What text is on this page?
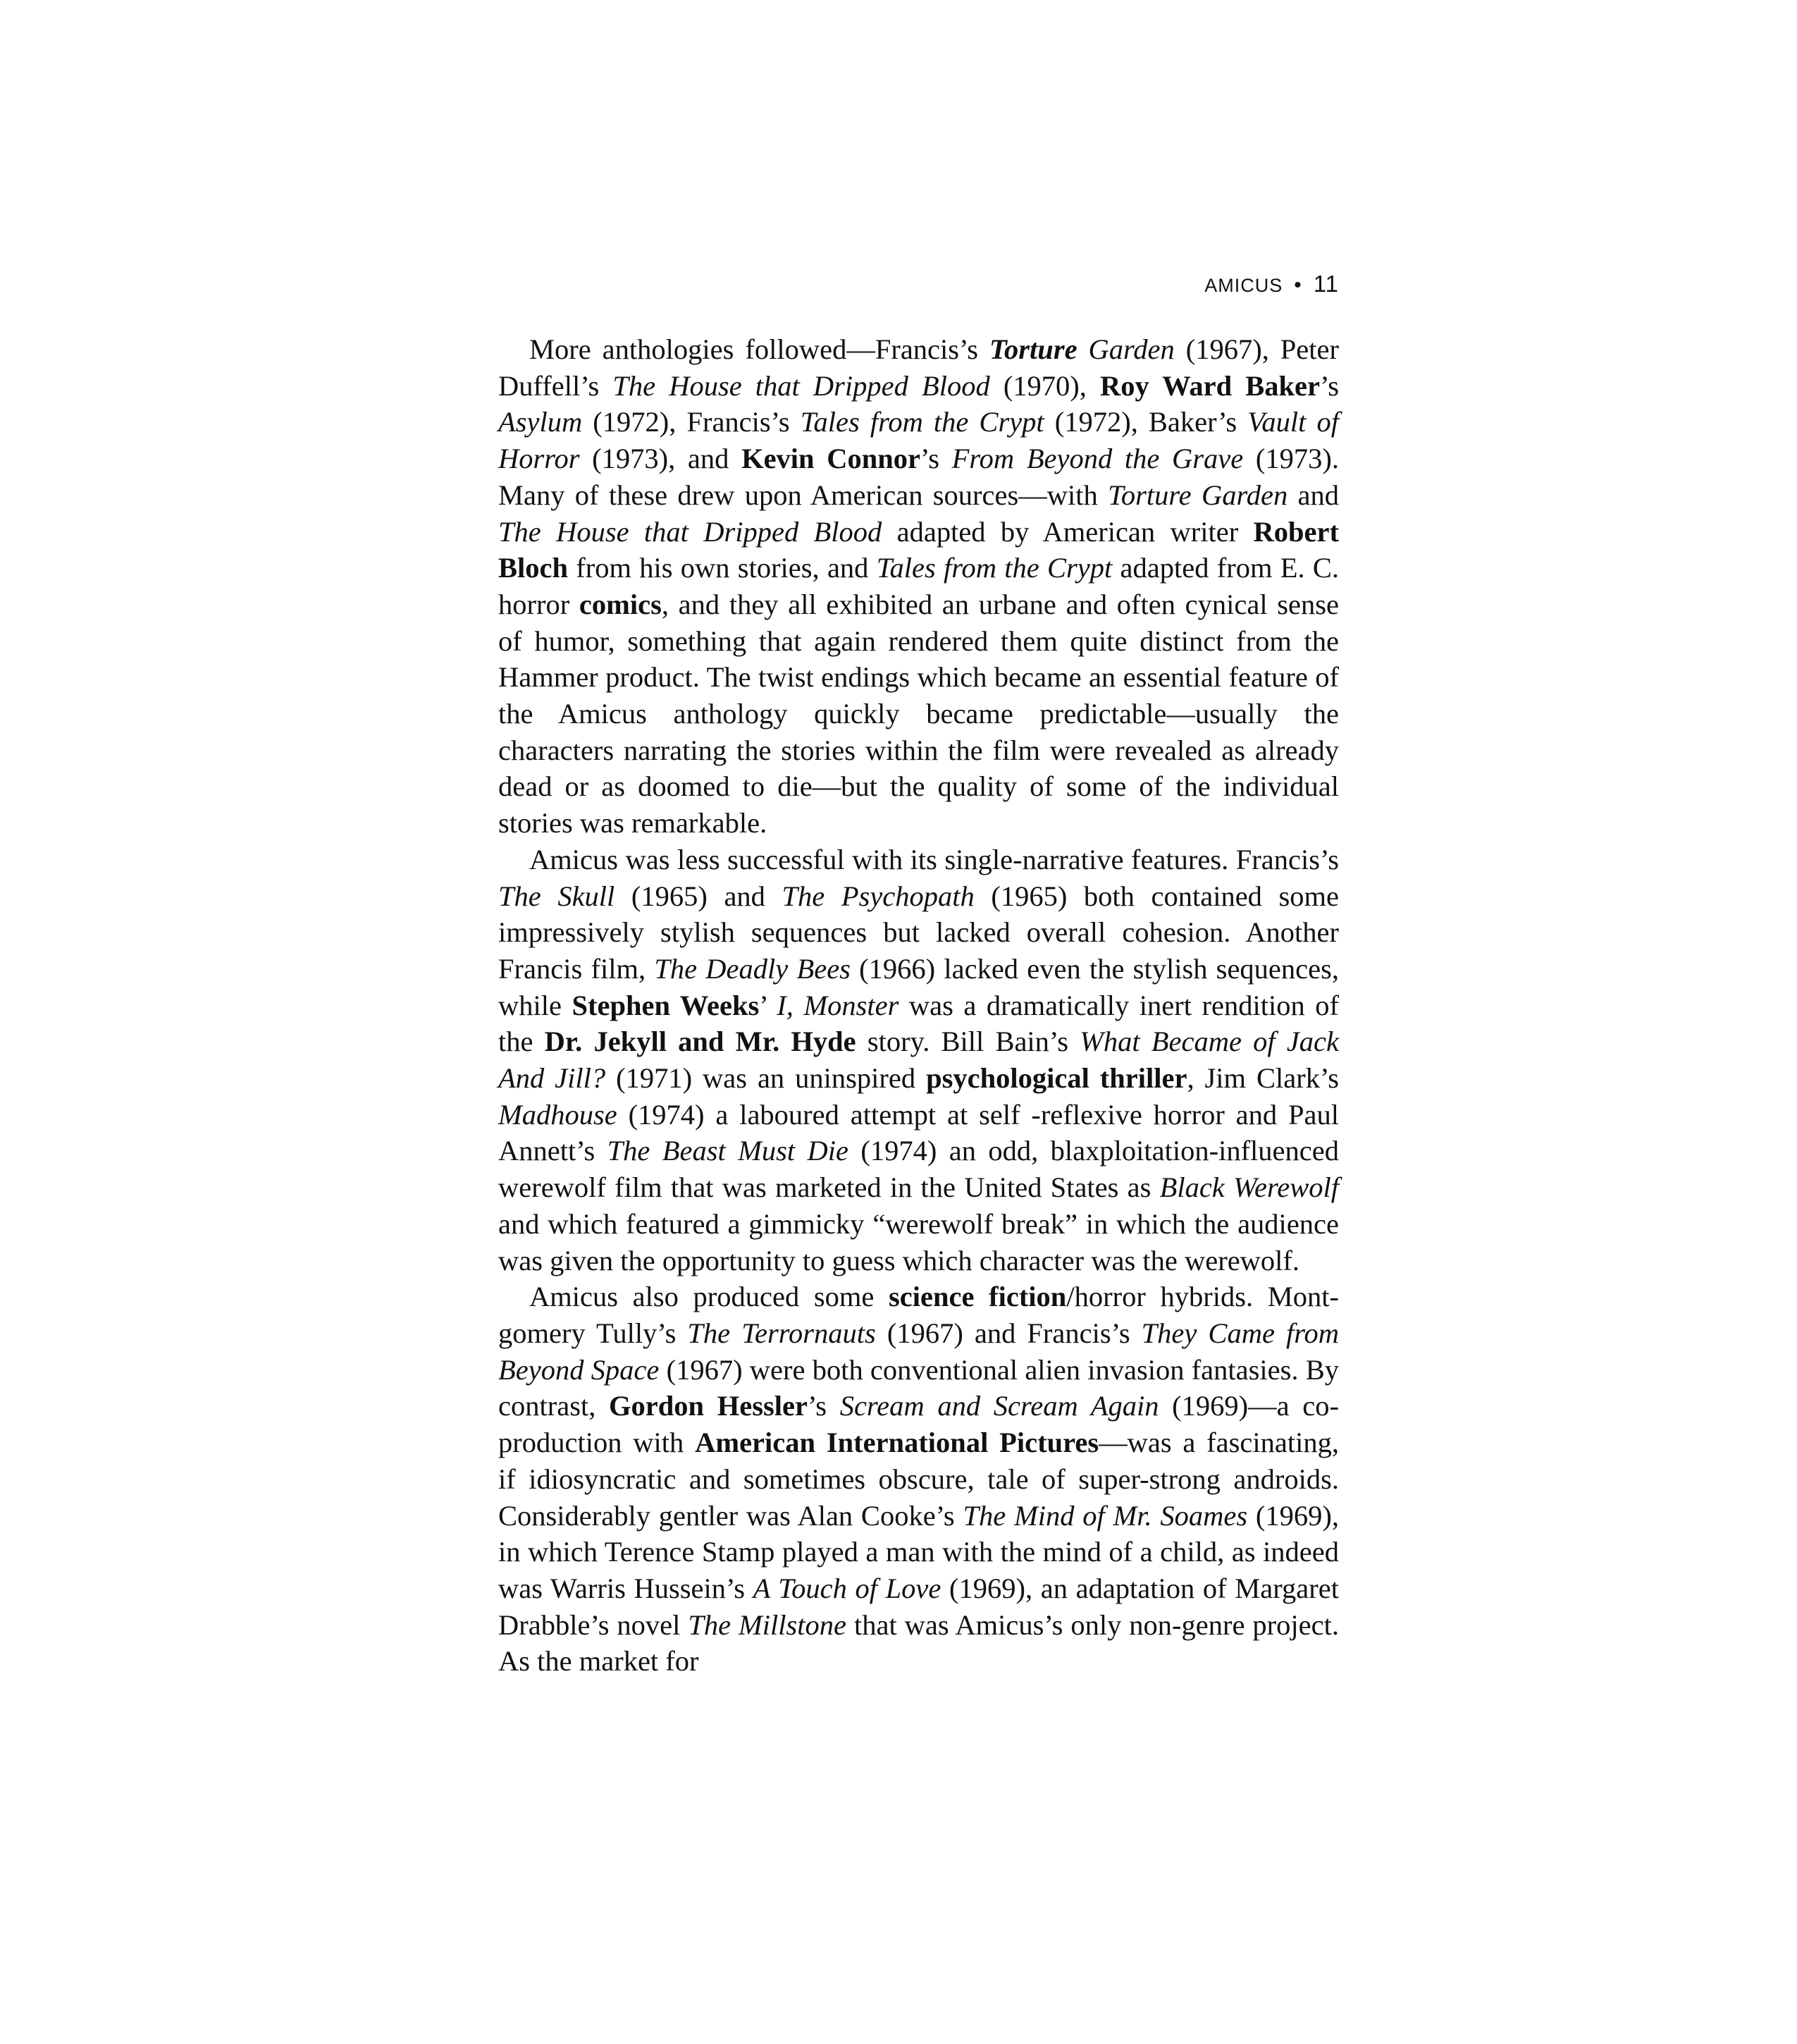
AMICUS • 11

More anthologies followed—Francis’s Torture Garden (1967), Peter Duffell’s The House that Dripped Blood (1970), Roy Ward Baker’s Asylum (1972), Francis’s Tales from the Crypt (1972), Baker’s Vault of Horror (1973), and Kevin Connor’s From Beyond the Grave (1973). Many of these drew upon American sources—with Torture Garden and The House that Dripped Blood adapted by American writer Robert Bloch from his own stories, and Tales from the Crypt adapted from E. C. horror comics, and they all exhibited an urbane and often cynical sense of humor, something that again rendered them quite distinct from the Hammer product. The twist endings which became an essential feature of the Amicus anthology quickly became predictable—usually the characters narrating the stories within the film were revealed as already dead or as doomed to die—but the quality of some of the individual stories was remarkable.

Amicus was less successful with its single-narrative features. Francis’s The Skull (1965) and The Psychopath (1965) both contained some impressively stylish sequences but lacked overall cohesion. Another Francis film, The Deadly Bees (1966) lacked even the stylish sequences, while Stephen Weeks’ I, Monster was a dramatically inert rendition of the Dr. Jekyll and Mr. Hyde story. Bill Bain’s What Became of Jack And Jill? (1971) was an uninspired psychological thriller, Jim Clark’s Madhouse (1974) a laboured attempt at self -reflexive horror and Paul Annett’s The Beast Must Die (1974) an odd, blaxploitation-influenced werewolf film that was marketed in the United States as Black Werewolf and which featured a gimmicky “werewolf break” in which the audience was given the opportunity to guess which character was the werewolf.

Amicus also produced some science fiction/horror hybrids. Montgomery Tully’s The Terrornauts (1967) and Francis’s They Came from Beyond Space (1967) were both conventional alien invasion fantasies. By contrast, Gordon Hessler’s Scream and Scream Again (1969)—a co-production with American International Pictures—was a fascinating, if idiosyncratic and sometimes obscure, tale of super-strong androids. Considerably gentler was Alan Cooke’s The Mind of Mr. Soames (1969), in which Terence Stamp played a man with the mind of a child, as indeed was Warris Hussein’s A Touch of Love (1969), an adaptation of Margaret Drabble’s novel The Millstone that was Amicus’s only non-genre project. As the market for
